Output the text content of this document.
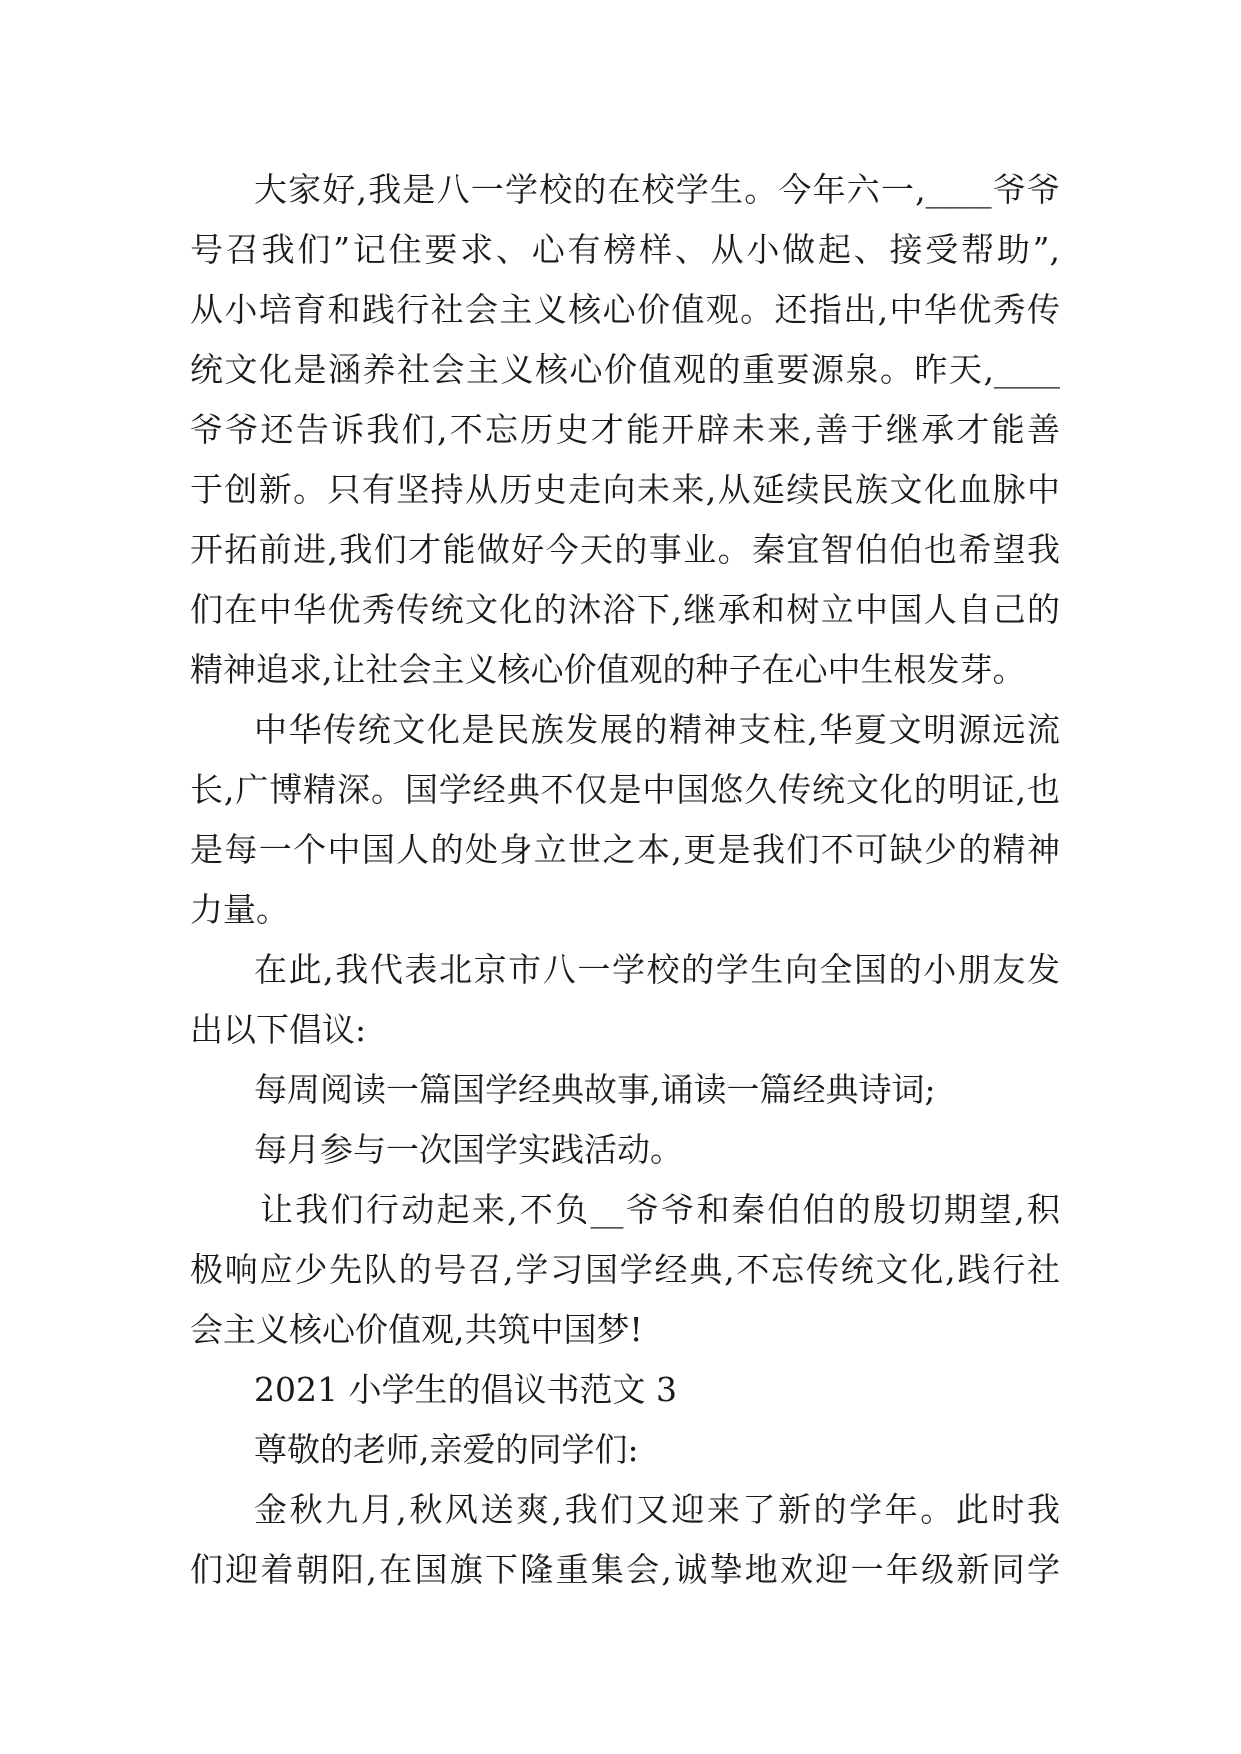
大家好,我是八一学校的在校学生。今年六一,____爷爷

号召我们”记住要求、心有榜样、从小做起、接受帮助”,

从小培育和践行社会主义核心价值观。还指出,中华优秀传

统文化是涵养社会主义核心价值观的重要源泉。昨天,____

爷爷还告诉我们,不忘历史才能开辟未来,善于继承才能善

于创新。只有坚持从历史走向未来,从延续民族文化血脉中

开拓前进,我们才能做好今天的事业。秦宜智伯伯也希望我

们在中华优秀传统文化的沐浴下,继承和树立中国人自己的

精神追求,让社会主义核心价值观的种子在心中生根发芽。

中华传统文化是民族发展的精神支柱,华夏文明源远流

长,广博精深。国学经典不仅是中国悠久传统文化的明证,也

是每一个中国人的处身立世之本,更是我们不可缺少的精神

力量。

在此,我代表北京市八一学校的学生向全国的小朋友发

出以下倡议:

每周阅读一篇国学经典故事,诵读一篇经典诗词;

每月参与一次国学实践活动。

让我们行动起来,不负__爷爷和秦伯伯的殷切期望,积

极响应少先队的号召,学习国学经典,不忘传统文化,践行社

会主义核心价值观,共筑中国梦!

2021 小学生的倡议书范文 3

尊敬的老师,亲爱的同学们:

金秋九月,秋风送爽,我们又迎来了新的学年。此时我

们迎着朝阳,在国旗下隆重集会,诚挚地欢迎一年级新同学
